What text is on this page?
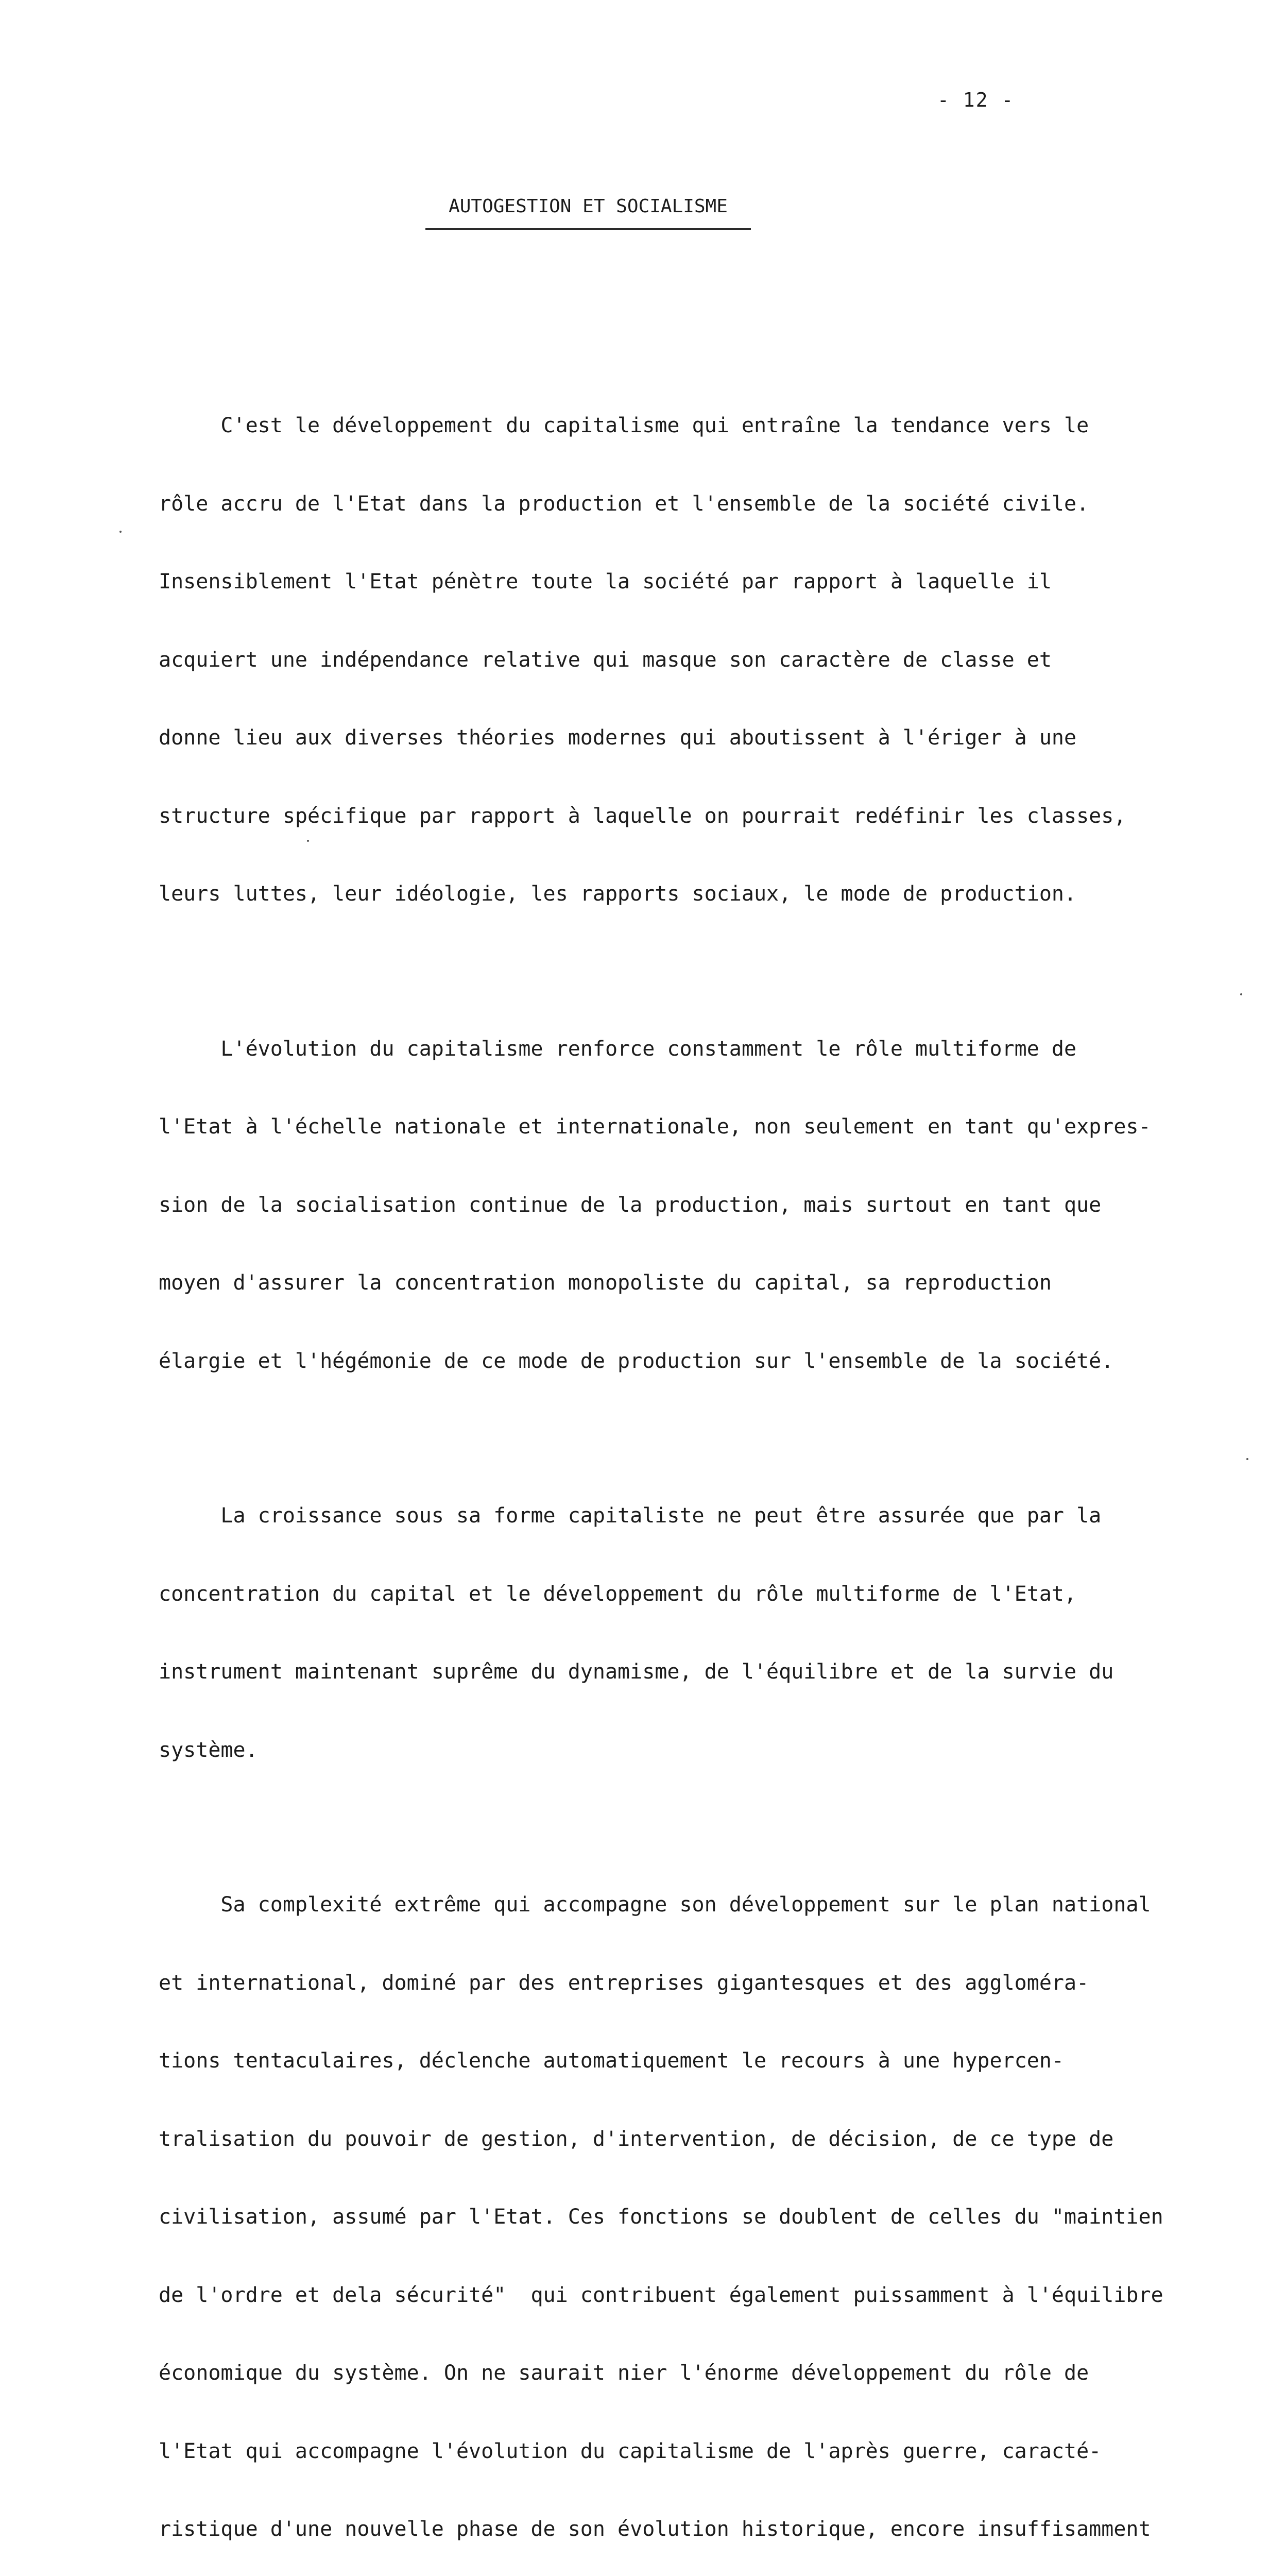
- 12 -
AUTOGESTION ET SOCIALISME

C'est le développement du capitalisme qui entraîne la tendance vers le

rôle accru de l'Etat dans la production et l'ensemble de la société civile.

Insensiblement l'Etat pénètre toute la société par rapport à laquelle il

acquiert une indépendance relative qui masque son caractère de classe et

donne lieu aux diverses théories modernes qui aboutissent à l'ériger à une

structure spécifique par rapport à laquelle on pourrait redéfinir les classes,

leurs luttes, leur idéologie, les rapports sociaux, le mode de production.

L'évolution du capitalisme renforce constamment le rôle multiforme de

l'Etat à l'échelle nationale et internationale, non seulement en tant qu'expres-

sion de la socialisation continue de la production, mais surtout en tant que

moyen d'assurer la concentration monopoliste du capital, sa reproduction

élargie et l'hégémonie de ce mode de production sur l'ensemble de la société.

La croissance sous sa forme capitaliste ne peut être assurée que par la

concentration du capital et le développement du rôle multiforme de l'Etat,

instrument maintenant suprême du dynamisme, de l'équilibre et de la survie du

système.

Sa complexité extrême qui accompagne son développement sur le plan national

et international, dominé par des entreprises gigantesques et des aggloméra-

tions tentaculaires, déclenche automatiquement le recours à une hypercen-

tralisation du pouvoir de gestion, d'intervention, de décision, de ce type de

civilisation, assumé par l'Etat. Ces fonctions se doublent de celles du "maintien

de l'ordre et dela sécurité"  qui contribuent également puissamment à l'équilibre

économique du système. On ne saurait nier l'énorme développement du rôle de

l'Etat qui accompagne l'évolution du capitalisme de l'après guerre, caracté-

ristique d'une nouvelle phase de son évolution historique, encore insuffisamment
